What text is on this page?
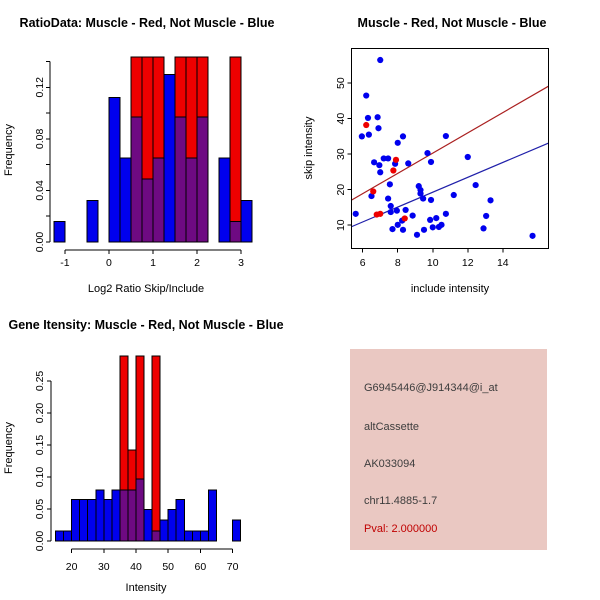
RatioData: Muscle - Red, Not Muscle - Blue
Log2 Ratio Skip/Include
Frequency
-1	0	1	2	3
0.00
0.04
0.08
0.12
Muscle - Red, Not Muscle - Blue
include intensity
skip intensity
6	8 10 12 14
10
20
30
40
50
Gene Itensity: Muscle - Red, Not Muscle - Blue
Intensity
Frequency
20 30 40 50 60 70
0.00
0.05
0.10
0.15
0.20
0.25	G6945446@J914344@i_at
altCassette
AK033094
chr11.4885-1.7
Pval: 2.000000
